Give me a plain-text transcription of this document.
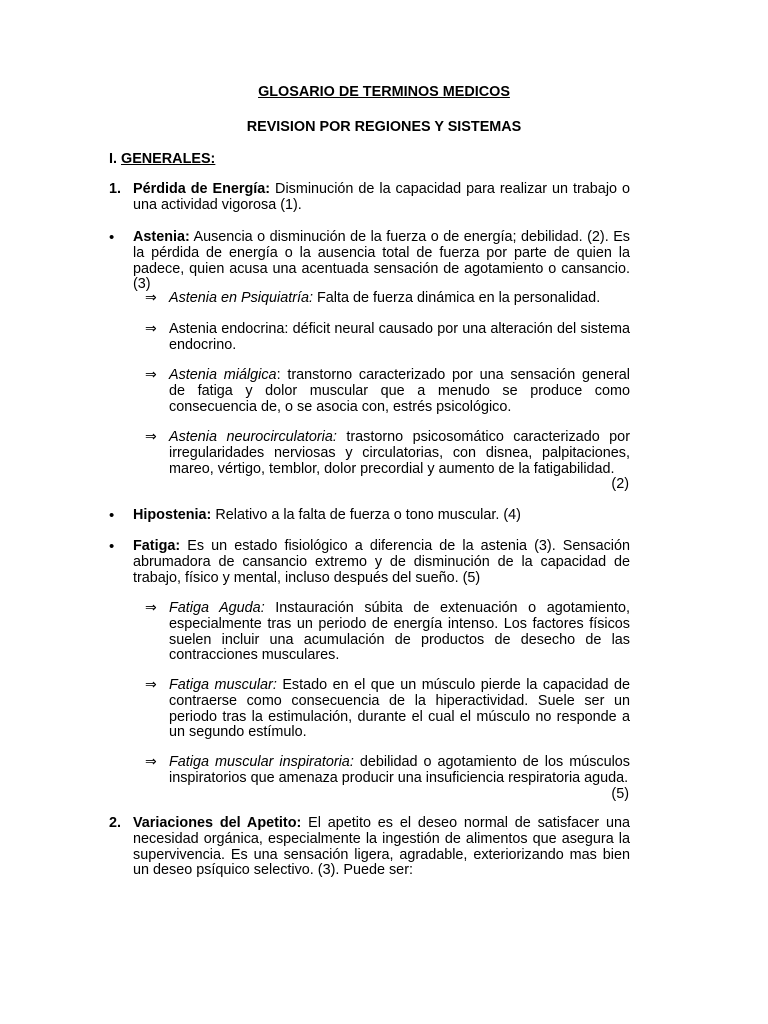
GLOSARIO DE TERMINOS MEDICOS

REVISION POR REGIONES Y SISTEMAS

I. GENERALES:

1. Pérdida de Energía: Disminución de la capacidad para realizar un trabajo o una actividad vigorosa (1).
• Astenia: Ausencia o disminución de la fuerza o de energía; debilidad. (2). Es la pérdida de energía o la ausencia total de fuerza por parte de quien la padece, quien acusa una acentuada sensación de agotamiento o cansancio. (3)
⇒ Astenia en Psiquiatría: Falta de fuerza dinámica en la personalidad.
⇒ Astenia endocrina: déficit neural causado por una alteración del sistema endocrino.
⇒ Astenia miálgica: transtorno caracterizado por una sensación general de fatiga y dolor muscular que a menudo se produce como consecuencia de, o se asocia con, estrés psicológico.
⇒ Astenia neurocirculatoria: trastorno psicosomático caracterizado por irregularidades nerviosas y circulatorias, con disnea, palpitaciones, mareo, vértigo, temblor, dolor precordial y aumento de la fatigabilidad.
(2)
• Hipostenia: Relativo a la falta de fuerza o tono muscular. (4)
• Fatiga: Es un estado fisiológico a diferencia de la astenia (3). Sensación abrumadora de cansancio extremo y de disminución de la capacidad de trabajo, físico y mental, incluso después del sueño. (5)
⇒ Fatiga Aguda: Instauración súbita de extenuación o agotamiento, especialmente tras un periodo de energía intenso. Los factores físicos suelen incluir una acumulación de productos de desecho de las contracciones musculares.
⇒ Fatiga muscular: Estado en el que un músculo pierde la capacidad de contraerse como consecuencia de la hiperactividad. Suele ser un periodo tras la estimulación, durante el cual el músculo no responde a un segundo estímulo.
⇒ Fatiga muscular inspiratoria: debilidad o agotamiento de los músculos inspiratorios que amenaza producir una insuficiencia respiratoria aguda.
(5)
2. Variaciones del Apetito: El apetito es el deseo normal de satisfacer una necesidad orgánica, especialmente la ingestión de alimentos que asegura la supervivencia. Es una sensación ligera, agradable, exteriorizando mas bien un deseo psíquico selectivo. (3). Puede ser:
